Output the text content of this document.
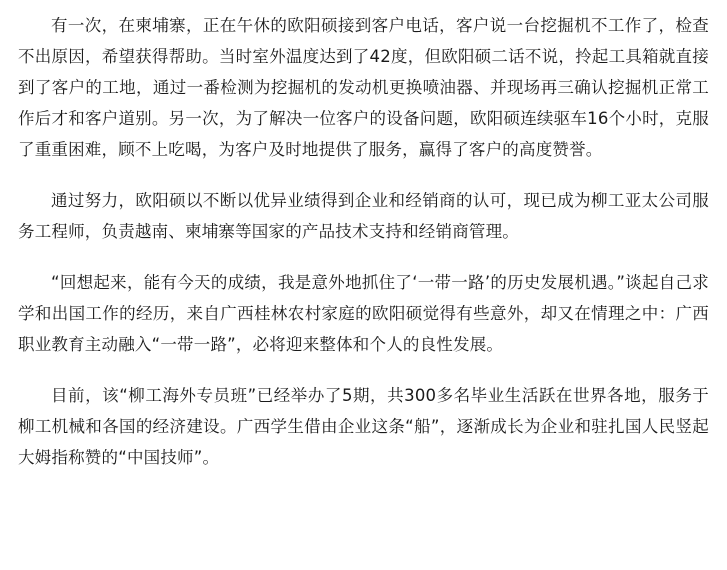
有一次，在柬埔寨，正在午休的欧阳硕接到客户电话，客户说一台挖掘机不工作了，检查不出原因，希望获得帮助。当时室外温度达到了42度，但欧阳硕二话不说，拎起工具箱就直接到了客户的工地，通过一番检测为挖掘机的发动机更换喷油器、并现场再三确认挖掘机正常工作后才和客户道别。另一次，为了解决一位客户的设备问题，欧阳硕连续驱车16个小时，克服了重重困难，顾不上吃喝，为客户及时地提供了服务，赢得了客户的高度赞誉。

通过努力，欧阳硕以不断以优异业绩得到企业和经销商的认可，现已成为柳工亚太公司服务工程师，负责越南、柬埔寨等国家的产品技术支持和经销商管理。

“回想起来，能有今天的成绩，我是意外地抓住了‘一带一路’的历史发展机遇。”谈起自己求学和出国工作的经历，来自广西桂林农村家庭的欧阳硕觉得有些意外，却又在情理之中：广西职业教育主动融入“一带一路”，必将迎来整体和个人的良性发展。

目前，该“柳工海外专员班”已经举办了5期，共300多名毕业生活跃在世界各地，服务于柳工机械和各国的经济建设。广西学生借由企业这条“船”，逐渐成长为企业和驻扎国人民竖起大姆指称赞的“中国技师”。
